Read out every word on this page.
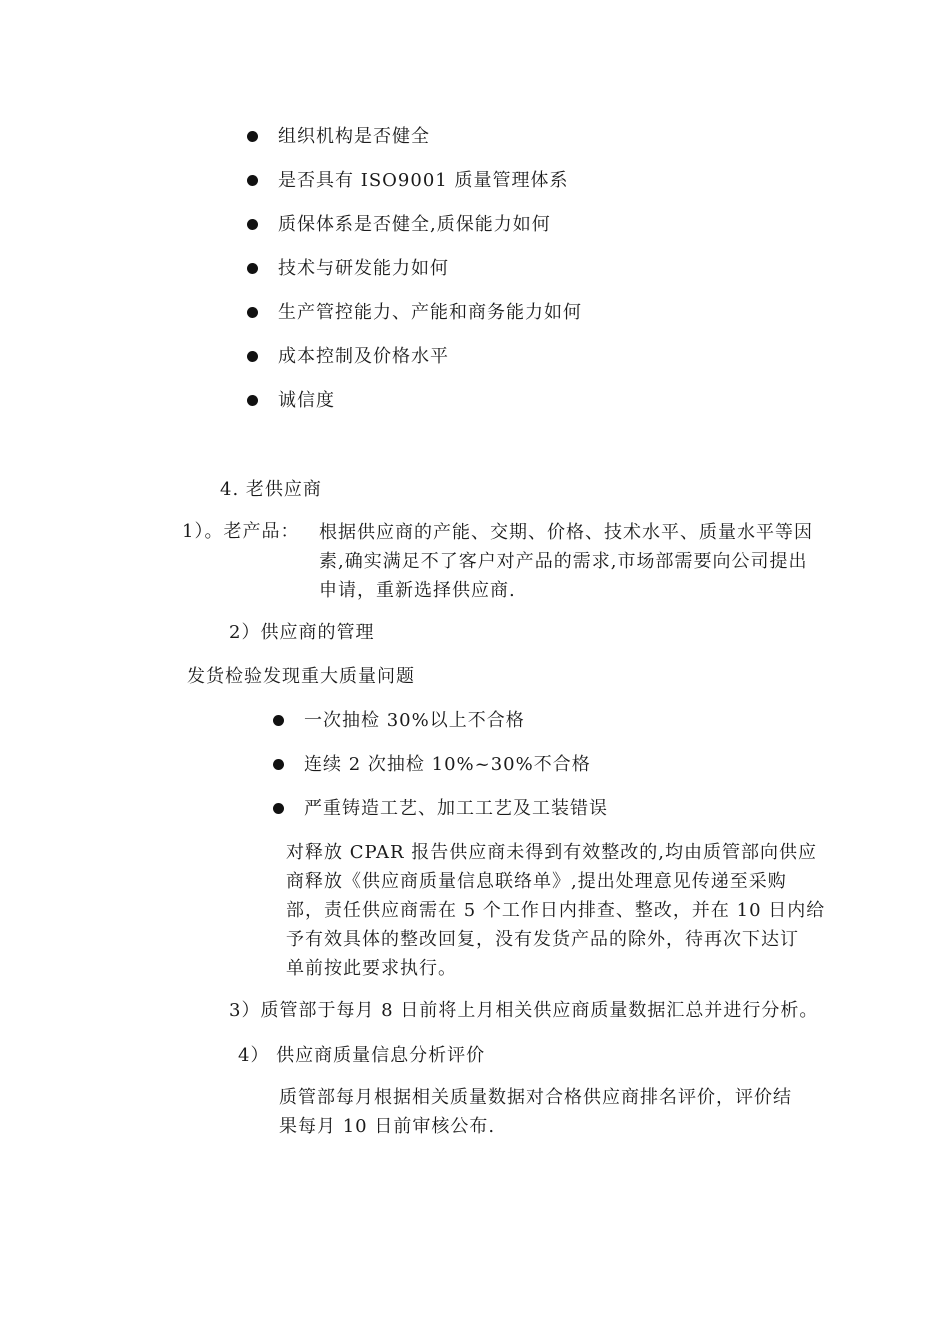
组织机构是否健全
是否具有 ISO9001 质量管理体系
质保体系是否健全,质保能力如何
技术与研发能力如何
生产管控能力、产能和商务能力如何
成本控制及价格水平
诚信度
4. 老供应商
1）。老产品： 根据供应商的产能、交期、价格、技术水平、质量水平等因
素,确实满足不了客户对产品的需求,市场部需要向公司提出
申请，重新选择供应商.
2）供应商的管理
发货检验发现重大质量问题
一次抽检 30%以上不合格
连续 2 次抽检 10%~30%不合格
严重铸造工艺、加工工艺及工装错误
对释放 CPAR 报告供应商未得到有效整改的,均由质管部向供应
商释放《供应商质量信息联络单》,提出处理意见传递至采购
部，责任供应商需在 5 个工作日内排查、整改，并在 10 日内给
予有效具体的整改回复，没有发货产品的除外，待再次下达订
单前按此要求执行。
3）质管部于每月 8 日前将上月相关供应商质量数据汇总并进行分析。
4） 供应商质量信息分析评价
质管部每月根据相关质量数据对合格供应商排名评价，评价结
果每月 10 日前审核公布.
